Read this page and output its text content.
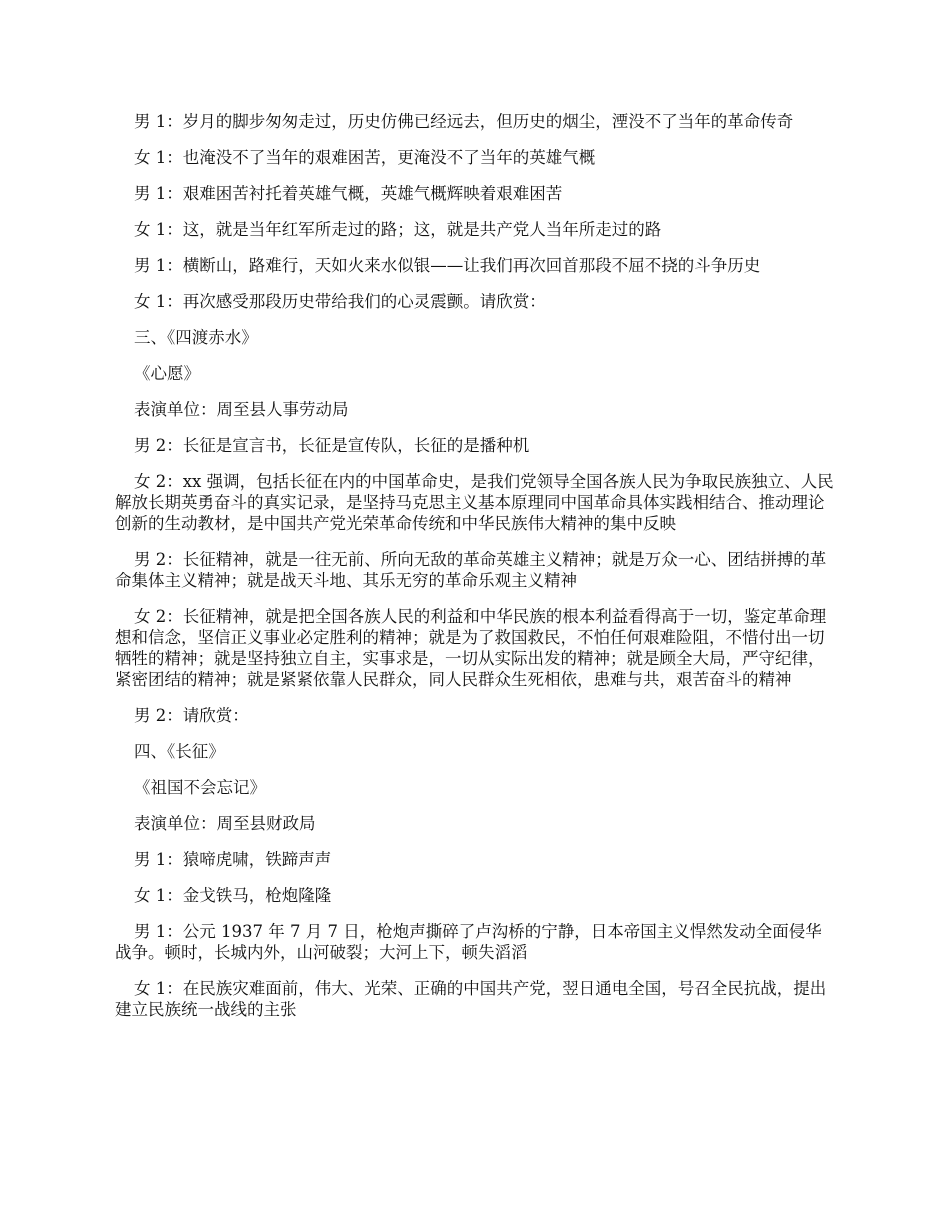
男 1：岁月的脚步匆匆走过，历史仿佛已经远去，但历史的烟尘，湮没不了当年的革命传奇

女 1：也淹没不了当年的艰难困苦，更淹没不了当年的英雄气概

男 1：艰难困苦衬托着英雄气概，英雄气概辉映着艰难困苦

女 1：这，就是当年红军所走过的路；这，就是共产党人当年所走过的路

男 1：横断山，路难行，天如火来水似银——让我们再次回首那段不屈不挠的斗争历史

女 1：再次感受那段历史带给我们的心灵震颤。请欣赏：

三、《四渡赤水》

《心愿》

表演单位：周至县人事劳动局

男 2：长征是宣言书，长征是宣传队，长征的是播种机

女 2：xx 强调，包括长征在内的中国革命史，是我们党领导全国各族人民为争取民族独立、人民解放长期英勇奋斗的真实记录，是坚持马克思主义基本原理同中国革命具体实践相结合、推动理论创新的生动教材，是中国共产党光荣革命传统和中华民族伟大精神的集中反映

男 2：长征精神，就是一往无前、所向无敌的革命英雄主义精神；就是万众一心、团结拼搏的革命集体主义精神；就是战天斗地、其乐无穷的革命乐观主义精神

女 2：长征精神，就是把全国各族人民的利益和中华民族的根本利益看得高于一切，鉴定革命理想和信念，坚信正义事业必定胜利的精神；就是为了救国救民，不怕任何艰难险阻，不惜付出一切牺牲的精神；就是坚持独立自主，实事求是，一切从实际出发的精神；就是顾全大局，严守纪律，紧密团结的精神；就是紧紧依靠人民群众，同人民群众生死相依，患难与共，艰苦奋斗的精神

男 2：请欣赏：

四、《长征》

《祖国不会忘记》

表演单位：周至县财政局

男 1：猿啼虎啸，铁蹄声声

女 1：金戈铁马，枪炮隆隆

男 1：公元 1937 年 7 月 7 日，枪炮声撕碎了卢沟桥的宁静，日本帝国主义悍然发动全面侵华战争。顿时，长城内外，山河破裂；大河上下，顿失滔滔

女 1：在民族灾难面前，伟大、光荣、正确的中国共产党，翌日通电全国，号召全民抗战，提出建立民族统一战线的主张
